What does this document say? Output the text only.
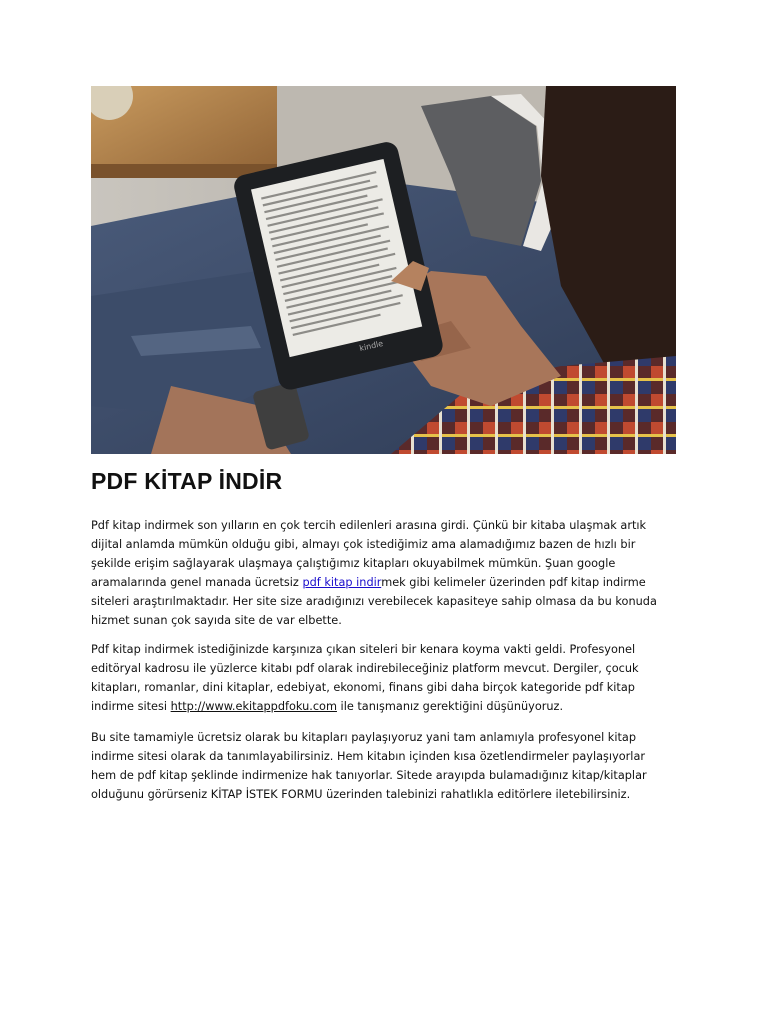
kindle
PDF KİTAP İNDİR

Pdf kitap indirmek son yılların en çok tercih edilenleri arasına girdi. Çünkü bir kitaba ulaşmak artık
dijital anlamda mümkün olduğu gibi, almayı çok istediğimiz ama alamadığımız bazen de hızlı bir
şekilde erişim sağlayarak ulaşmaya çalıştığımız kitapları okuyabilmek mümkün. Şuan google
aramalarında genel manada ücretsiz pdf kitap indirmek gibi kelimeler üzerinden pdf kitap indirme
siteleri araştırılmaktadır. Her site size aradığınızı verebilecek kapasiteye sahip olmasa da bu konuda
hizmet sunan çok sayıda site de var elbette.

Pdf kitap indirmek istediğinizde karşınıza çıkan siteleri bir kenara koyma vakti geldi. Profesyonel
editöryal kadrosu ile yüzlerce kitabı pdf olarak indirebileceğiniz platform mevcut. Dergiler, çocuk
kitapları, romanlar, dini kitaplar, edebiyat, ekonomi, finans gibi daha birçok kategoride pdf kitap
indirme sitesi http://www.ekitappdfoku.com ile tanışmanız gerektiğini düşünüyoruz.

Bu site tamamiyle ücretsiz olarak bu kitapları paylaşıyoruz yani tam anlamıyla profesyonel kitap
indirme sitesi olarak da tanımlayabilirsiniz. Hem kitabın içinden kısa özetlendirmeler paylaşıyorlar
hem de pdf kitap şeklinde indirmenize hak tanıyorlar. Sitede arayıpda bulamadığınız kitap/kitaplar
olduğunu görürseniz KİTAP İSTEK FORMU üzerinden talebinizi rahatlıkla editörlere iletebilirsiniz.
